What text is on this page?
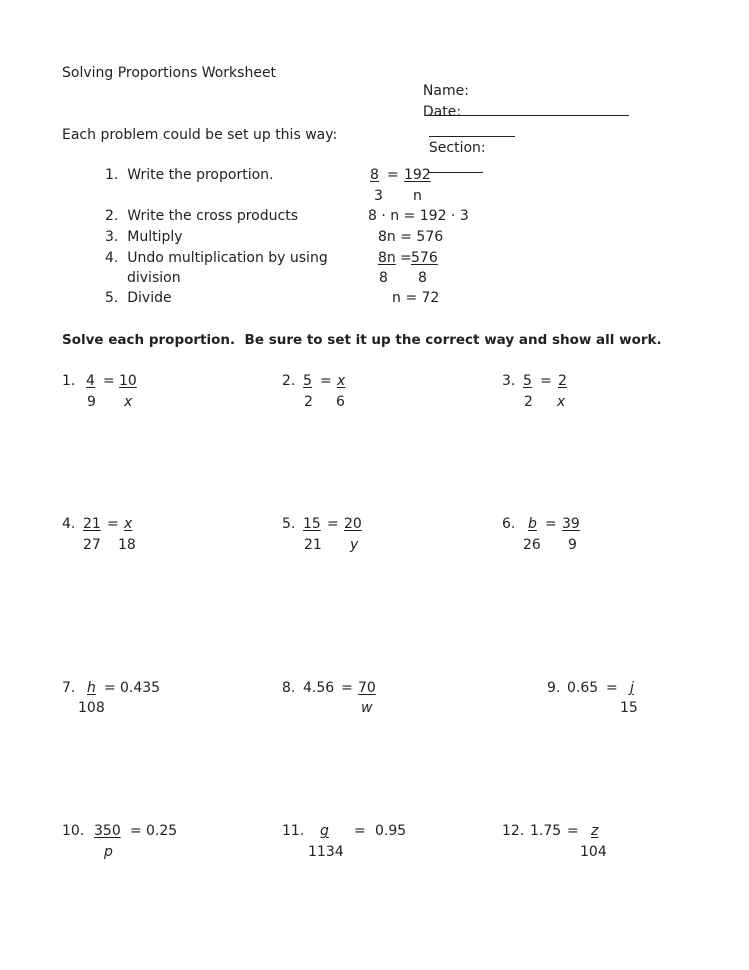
Solving Proportions Worksheet

Name:

Date:

Section:

Each problem could be set up this way:
1.  Write the proportion.
2.  Write the cross products
3.  Multiply
4.  Undo multiplication by using
division
5.  Divide
8 = 192
3 n
8 · n = 192 · 3
8n = 576
8n = 576
8 8
n = 72
Solve each proportion.  Be sure to set it up the correct way and show all work.
1. 4 = 10
9 x
2. 5 = x
2 6
3. 5 = 2
2 x
4. 21 = x
27 18
5. 15 = 20
21 y
6. b = 39
26 9
7. h = 0.435
108
8. 4.56 = 70
w
9. 0.65 = j
15
10. 350 = 0.25
p
11.	g	= 0.95
1134
12. 1.75 = z
104
